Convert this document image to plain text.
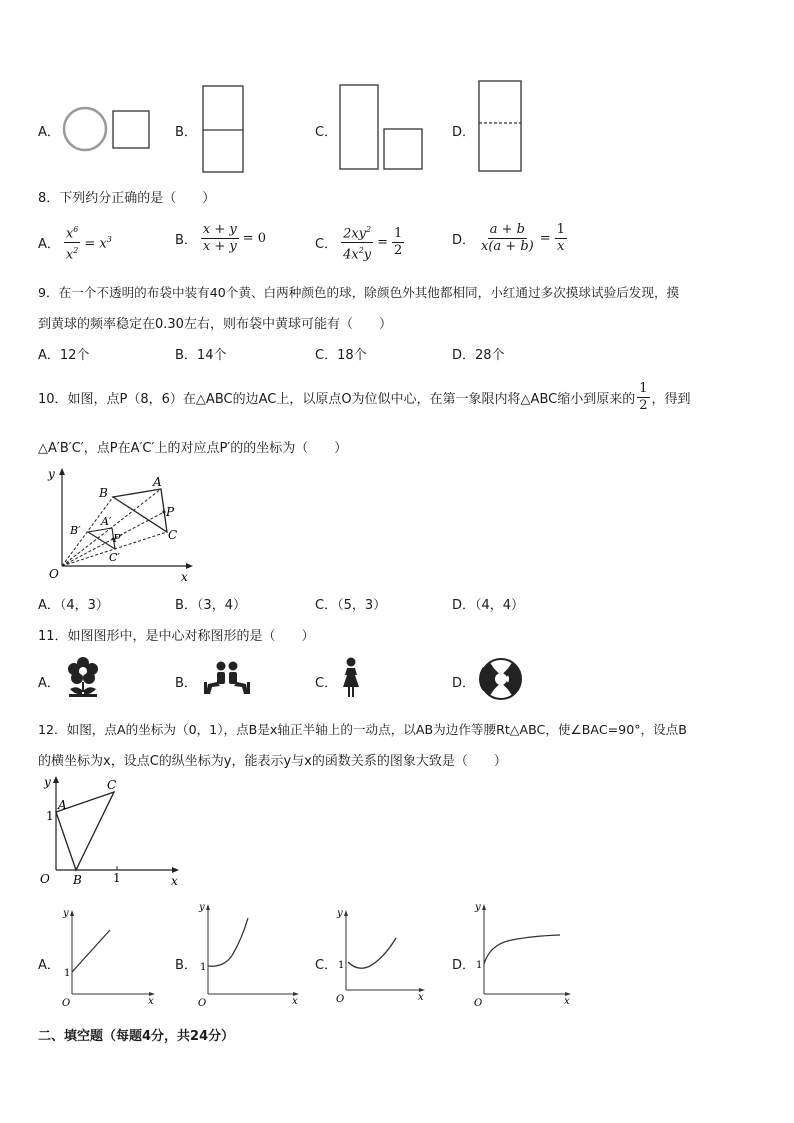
A．	B．	C．	D．
8．下列约分正确的是（　　）
A． $\frac{x^6}{x^2} = x^3$	B． $\frac{x + y}{x + y} = 0$	C． $\frac{2xy^2}{4x^2y} = \frac{1}{2}$	D． $\frac{a + b}{x(a + b)} = \frac{1}{x}$
9．在一个不透明的布袋中装有40个黄、白两种颜色的球，除颜色外其他都相同，小红通过多次摸球试验后发现，摸
到黄球的频率稳定在0.30左右，则布袋中黄球可能有（　　）
A．12个	B．14个	C．18个	D．28个
10．如图，点 P（8，6）在△ABC的边AC上，以原点O为位似中心，在第一象限内将△ABC缩小到原来的 $\frac{1}{2}$ ，得到
△A′B′C′，点P在A′C′上的对应点P′的的坐标为（　　）
y
x
O
A
B
C
P
A′
B′
C′
P′
A．（4，3）	B．（3，4）	C．（5，3）	D．（4，4）
11．如图图形中，是中心对称图形的是（　　）
A．	B．	C．	D．
12．如图，点A的坐标为（0，1），点B是x轴正半轴上的一动点，以AB为边作等腰Rt△ABC，使∠BAC=90°，设点B
的横坐标为x，设点C的纵坐标为y，能表示y与x的函数关系的图象大致是（　　）
y
x
O
A
B
C
1
1
A．
y
x
O
1
B．
y
x
O
1	C．
y
x
O
1	D．
y
x
O
1
二、填空题（每题4分，共24分）
